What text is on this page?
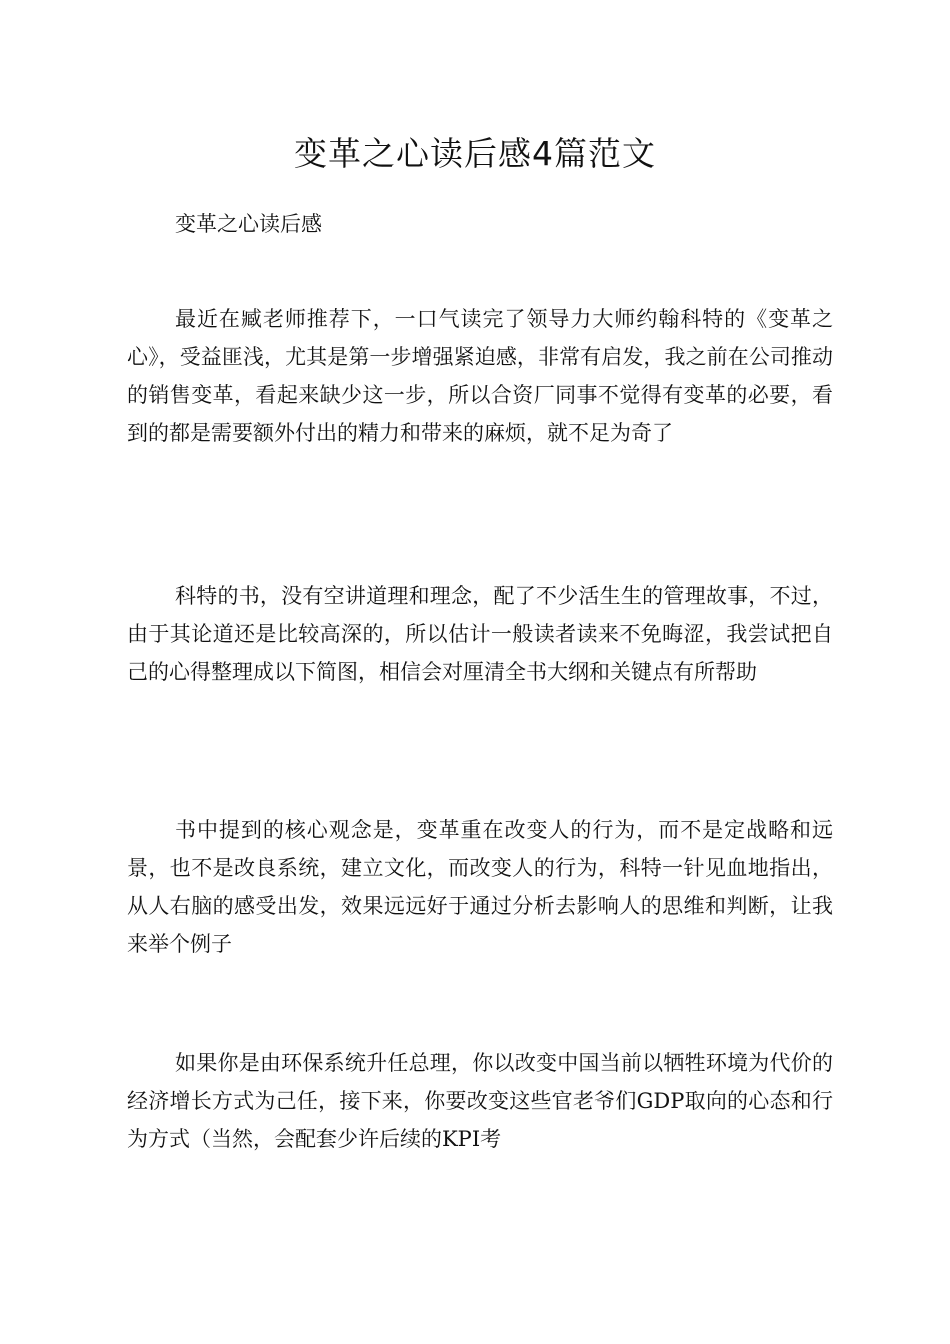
变革之心读后感4篇范文

变革之心读后感

最近在臧老师推荐下，一口气读完了领导力大师约翰科特的《变革之心》，受益匪浅，尤其是第一步增强紧迫感，非常有启发，我之前在公司推动的销售变革，看起来缺少这一步，所以合资厂同事不觉得有变革的必要，看到的都是需要额外付出的精力和带来的麻烦，就不足为奇了

科特的书，没有空讲道理和理念，配了不少活生生的管理故事，不过，由于其论道还是比较高深的，所以估计一般读者读来不免晦涩，我尝试把自己的心得整理成以下简图，相信会对厘清全书大纲和关键点有所帮助

书中提到的核心观念是，变革重在改变人的行为，而不是定战略和远景，也不是改良系统，建立文化，而改变人的行为，科特一针见血地指出，从人右脑的感受出发，效果远远好于通过分析去影响人的思维和判断，让我来举个例子

如果你是由环保系统升任总理，你以改变中国当前以牺牲环境为代价的经济增长方式为己任，接下来，你要改变这些官老爷们GDP取向的心态和行为方式（当然，会配套少许后续的KPI考
